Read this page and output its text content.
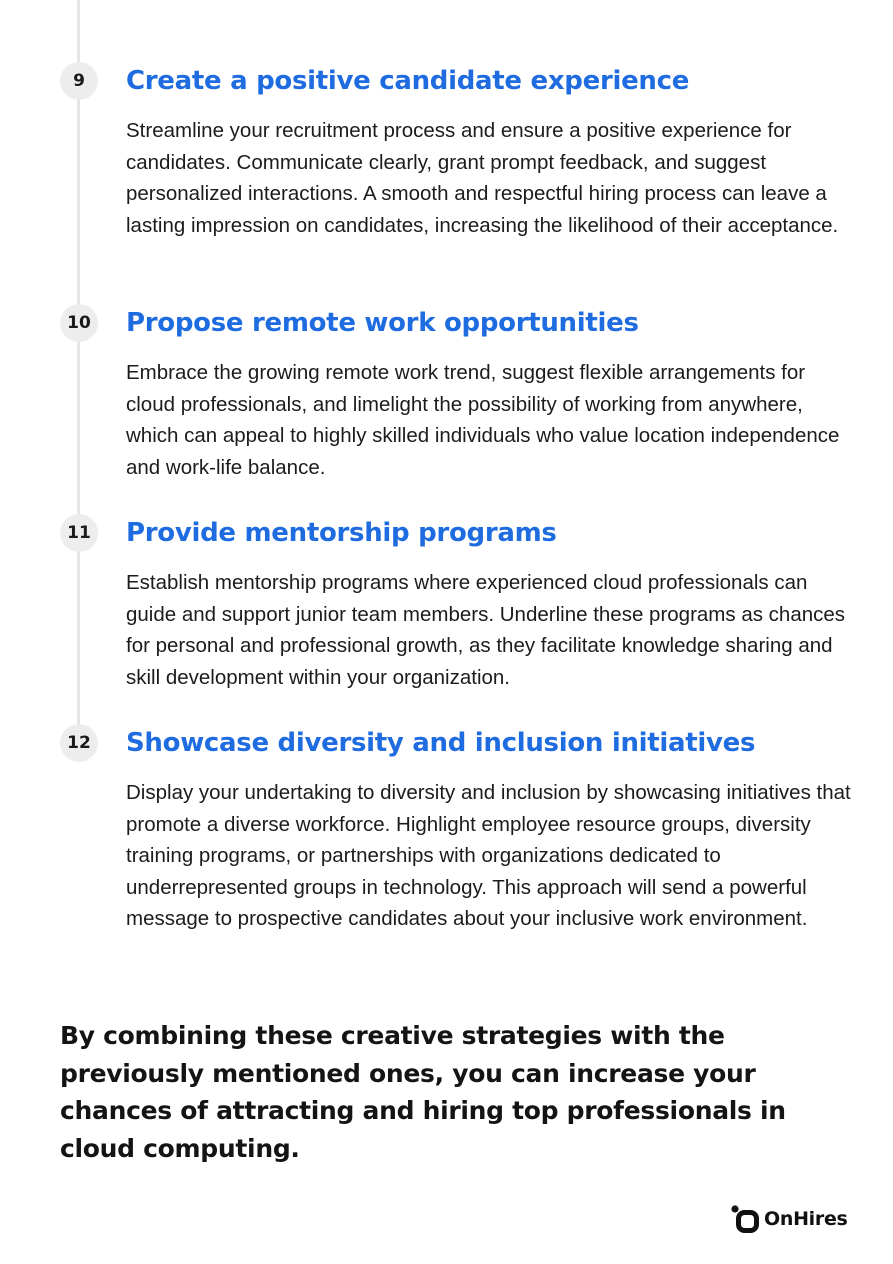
9	Create a positive candidate experience

Streamline your recruitment process and ensure a positive experience for candidates. Communicate clearly, grant prompt feedback, and suggest personalized interactions. A smooth and respectful hiring process can leave a lasting impression on candidates, increasing the likelihood of their acceptance.

10 Propose remote work opportunities

Embrace the growing remote work trend, suggest flexible arrangements for cloud professionals, and limelight the possibility of working from anywhere, which can appeal to highly skilled individuals who value location independence and work-life balance.

11 Provide mentorship programs

Establish mentorship programs where experienced cloud professionals can guide and support junior team members. Underline these programs as chances for personal and professional growth, as they facilitate knowledge sharing and skill development within your organization.

12 Showcase diversity and inclusion initiatives

Display your undertaking to diversity and inclusion by showcasing initiatives that promote a diverse workforce. Highlight employee resource groups, diversity training programs, or partnerships with organizations dedicated to underrepresented groups in technology. This approach will send a powerful message to prospective candidates about your inclusive work environment.

By combining these creative strategies with the previously mentioned ones, you can increase your chances of attracting and hiring top professionals in cloud computing.

OnHires
